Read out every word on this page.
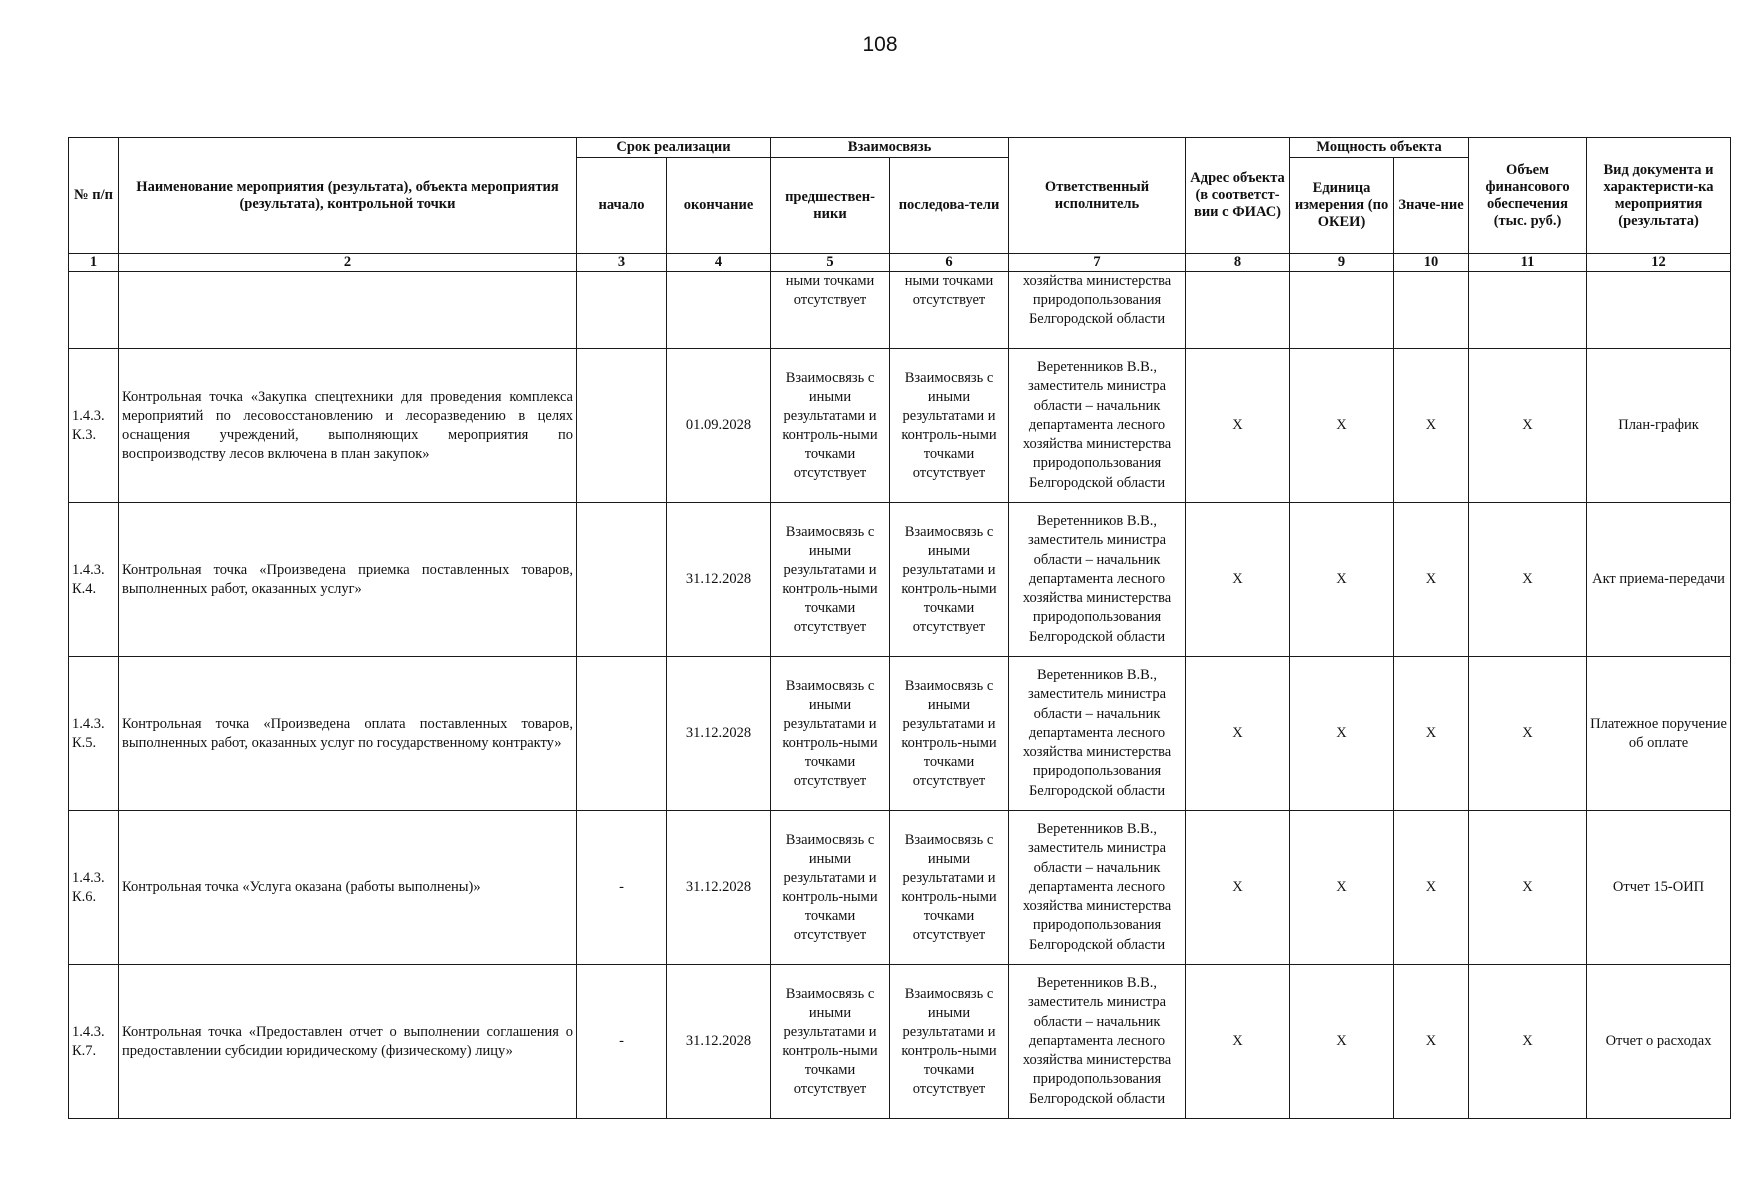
108
№ п/п	Наименование мероприятия (результата), объекта мероприятия (результата), контрольной точки	Срок реализации		Взаимосвязь		Ответственный исполнитель	Адрес объекта (в соответст-вии с ФИАС)	Мощность объекта		Объем финансового обеспечения (тыс. руб.)	Вид документа и характеристи-ка мероприятия (результата)
		начало	окончание	предшествен-ники	последова-тели			Единица измерения (по ОКЕИ)	Значе-ние		
1	2	3	4	5	6	7	8	9	10	11	12
				ными точками отсутствует	ными точками отсутствует	хозяйства министерства природопользования Белгородской области					
1.4.3. К.3.	Контрольная точка «Закупка спецтехники для проведения комплекса мероприятий по лесовосстановлению и лесоразведению в целях оснащения учреждений, выполняющих мероприятия по воспроизводству лесов включена в план закупок»		01.09.2028	Взаимосвязь с иными результатами и контроль-ными точками отсутствует	Взаимосвязь с иными результатами и контроль-ными точками отсутствует	Веретенников В.В., заместитель министра области – начальник департамента лесного хозяйства министерства природопользования Белгородской области	X	X	X	X	План-график
1.4.3. К.4.	Контрольная точка «Произведена приемка поставленных товаров, выполненных работ, оказанных услуг»		31.12.2028	Взаимосвязь с иными результатами и контроль-ными точками отсутствует	Взаимосвязь с иными результатами и контроль-ными точками отсутствует	Веретенников В.В., заместитель министра области – начальник департамента лесного хозяйства министерства природопользования Белгородской области	X	X	X	X	Акт приема-передачи
1.4.3. К.5.	Контрольная точка «Произведена оплата поставленных товаров, выполненных работ, оказанных услуг по государственному контракту»		31.12.2028	Взаимосвязь с иными результатами и контроль-ными точками отсутствует	Взаимосвязь с иными результатами и контроль-ными точками отсутствует	Веретенников В.В., заместитель министра области – начальник департамента лесного хозяйства министерства природопользования Белгородской области	X	X	X	X	Платежное поручение об оплате
1.4.3. К.6.	Контрольная точка «Услуга оказана (работы выполнены)»	-	31.12.2028	Взаимосвязь с иными результатами и контроль-ными точками отсутствует	Взаимосвязь с иными результатами и контроль-ными точками отсутствует	Веретенников В.В., заместитель министра области – начальник департамента лесного хозяйства министерства природопользования Белгородской области	X	X	X	X	Отчет 15-ОИП
1.4.3. К.7.	Контрольная точка «Предоставлен отчет о выполнении соглашения о предоставлении субсидии юридическому (физическому) лицу»	-	31.12.2028	Взаимосвязь с иными результатами и контроль-ными точками отсутствует	Взаимосвязь с иными результатами и контроль-ными точками отсутствует	Веретенников В.В., заместитель министра области – начальник департамента лесного хозяйства министерства природопользования Белгородской области	X	X	X	X	Отчет о расходах
